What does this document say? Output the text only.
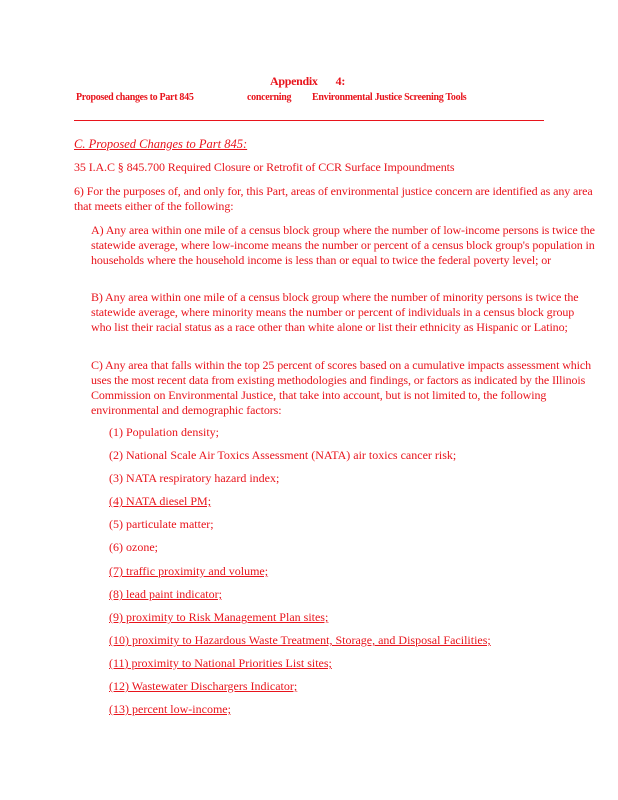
Appendix 4:
Proposed changes to Part 845	concerning Environmental Justice Screening Tools
C. Proposed Changes to Part 845:
35 I.A.C § 845.700 Required Closure or Retrofit of CCR Surface Impoundments
6) For the purposes of, and only for, this Part, areas of environmental justice concern are identified as any area that meets either of the following:
A) Any area within one mile of a census block group where the number of low-income persons is twice the statewide average, where low-income means the number or percent of a census block group's population in households where the household income is less than or equal to twice the federal poverty level; or
B) Any area within one mile of a census block group where the number of minority persons is twice the statewide average, where minority means the number or percent of individuals in a census block group who list their racial status as a race other than white alone or list their ethnicity as Hispanic or Latino;
C) Any area that falls within the top 25 percent of scores based on a cumulative impacts assessment which uses the most recent data from existing methodologies and findings, or factors as indicated by the Illinois Commission on Environmental Justice, that take into account, but is not limited to, the following environmental and demographic factors:
(1) Population density;
(2) National Scale Air Toxics Assessment (NATA) air toxics cancer risk;
(3) NATA respiratory hazard index;
(4) NATA diesel PM;
(5) particulate matter;
(6) ozone;
(7) traffic proximity and volume;
(8) lead paint indicator;
(9) proximity to Risk Management Plan sites;
(10) proximity to Hazardous Waste Treatment, Storage, and Disposal Facilities;
(11) proximity to National Priorities List sites;
(12) Wastewater Dischargers Indicator;
(13) percent low-income;
